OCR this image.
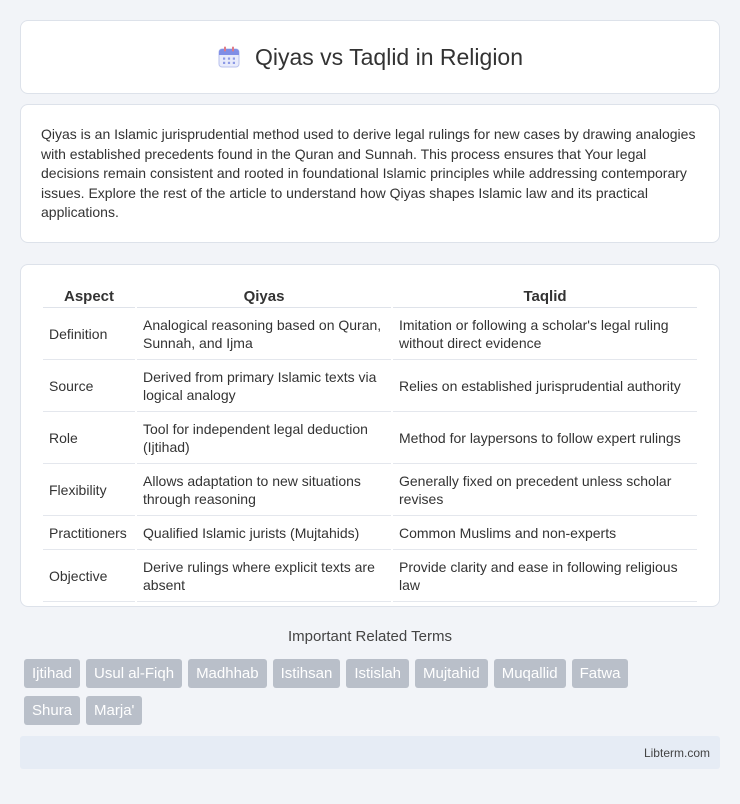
Qiyas vs Taqlid in Religion

Qiyas is an Islamic jurisprudential method used to derive legal rulings for new cases by drawing analogies with established precedents found in the Quran and Sunnah. This process ensures that Your legal decisions remain consistent and rooted in foundational Islamic principles while addressing contemporary issues. Explore the rest of the article to understand how Qiyas shapes Islamic law and its practical applications.

Aspect	Qiyas	Taqlid
Definition	Analogical reasoning based on Quran, Sunnah, and Ijma	Imitation or following a scholar's legal ruling without direct evidence
Source	Derived from primary Islamic texts via logical analogy	Relies on established jurisprudential authority
Role	Tool for independent legal deduction (Ijtihad)	Method for laypersons to follow expert rulings
Flexibility	Allows adaptation to new situations through reasoning	Generally fixed on precedent unless scholar revises
Practitioners	Qualified Islamic jurists (Mujtahids)	Common Muslims and non-experts
Objective	Derive rulings where explicit texts are absent	Provide clarity and ease in following religious law
Important Related Terms
Ijtihad	Usul al-Fiqh	Madhhab	Istihsan	Istislah	Mujtahid	Muqallid	Fatwa
Shura	Marja'
Libterm.com
